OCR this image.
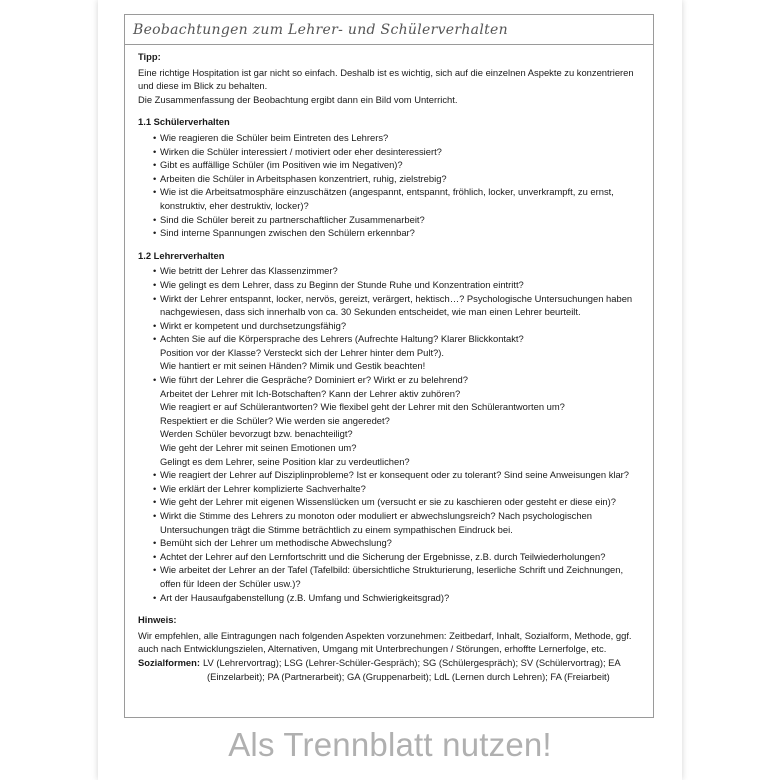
Beobachtungen zum Lehrer- und Schülerverhalten

Tipp:

Eine richtige Hospitation ist gar nicht so einfach. Deshalb ist es wichtig, sich auf die einzelnen Aspekte zu konzentrieren
und diese im Blick zu behalten.
Die Zusammenfassung der Beobachtung ergibt dann ein Bild vom Unterricht.

1.1 Schülerverhalten

• Wie reagieren die Schüler beim Eintreten des Lehrers?
• Wirken die Schüler interessiert / motiviert oder eher desinteressiert?
• Gibt es auffällige Schüler (im Positiven wie im Negativen)?
• Arbeiten die Schüler in Arbeitsphasen konzentriert, ruhig, zielstrebig?
• Wie ist die Arbeitsatmosphäre einzuschätzen (angespannt, entspannt, fröhlich, locker, unverkrampft, zu ernst,
konstruktiv, eher destruktiv, locker)?
• Sind die Schüler bereit zu partnerschaftlicher Zusammenarbeit?
• Sind interne Spannungen zwischen den Schülern erkennbar?

1.2 Lehrerverhalten

• Wie betritt der Lehrer das Klassenzimmer?
• Wie gelingt es dem Lehrer, dass zu Beginn der Stunde Ruhe und Konzentration eintritt?
• Wirkt der Lehrer entspannt, locker, nervös, gereizt, verärgert, hektisch…? Psychologische Untersuchungen haben
nachgewiesen, dass sich innerhalb von ca. 30 Sekunden entscheidet, wie man einen Lehrer beurteilt.
• Wirkt er kompetent und durchsetzungsfähig?
• Achten Sie auf die Körpersprache des Lehrers (Aufrechte Haltung? Klarer Blickkontakt?
Position vor der Klasse? Versteckt sich der Lehrer hinter dem Pult?).
Wie hantiert er mit seinen Händen? Mimik und Gestik beachten!
• Wie führt der Lehrer die Gespräche? Dominiert er? Wirkt er zu belehrend?
Arbeitet der Lehrer mit Ich-Botschaften? Kann der Lehrer aktiv zuhören?
Wie reagiert er auf Schülerantworten? Wie flexibel geht der Lehrer mit den Schülerantworten um?
Respektiert er die Schüler? Wie werden sie angeredet?
Werden Schüler bevorzugt bzw. benachteiligt?
Wie geht der Lehrer mit seinen Emotionen um?
Gelingt es dem Lehrer, seine Position klar zu verdeutlichen?
• Wie reagiert der Lehrer auf Disziplinprobleme? Ist er konsequent oder zu tolerant? Sind seine Anweisungen klar?
• Wie erklärt der Lehrer komplizierte Sachverhalte?
• Wie geht der Lehrer mit eigenen Wissenslücken um (versucht er sie zu kaschieren oder gesteht er diese ein)?
• Wirkt die Stimme des Lehrers zu monoton oder moduliert er abwechslungsreich? Nach psychologischen
Untersuchungen trägt die Stimme beträchtlich zu einem sympathischen Eindruck bei.
• Bemüht sich der Lehrer um methodische Abwechslung?
• Achtet der Lehrer auf den Lernfortschritt und die Sicherung der Ergebnisse, z.B. durch Teilwiederholungen?
• Wie arbeitet der Lehrer an der Tafel (Tafelbild: übersichtliche Strukturierung, leserliche Schrift und Zeichnungen,
offen für Ideen der Schüler usw.)?
• Art der Hausaufgabenstellung (z.B. Umfang und Schwierigkeitsgrad)?

Hinweis:

Wir empfehlen, alle Eintragungen nach folgenden Aspekten vorzunehmen: Zeitbedarf, Inhalt, Sozialform, Methode, ggf.
auch nach Entwicklungszielen, Alternativen, Umgang mit Unterbrechungen / Störungen, erhoffte Lernerfolge, etc.
Sozialformen: LV (Lehrervortrag); LSG (Lehrer-Schüler-Gespräch); SG (Schülergespräch); SV (Schülervortrag); EA
(Einzelarbeit); PA (Partnerarbeit); GA (Gruppenarbeit); LdL (Lernen durch Lehren); FA (Freiarbeit)
Als Trennblatt nutzen!
